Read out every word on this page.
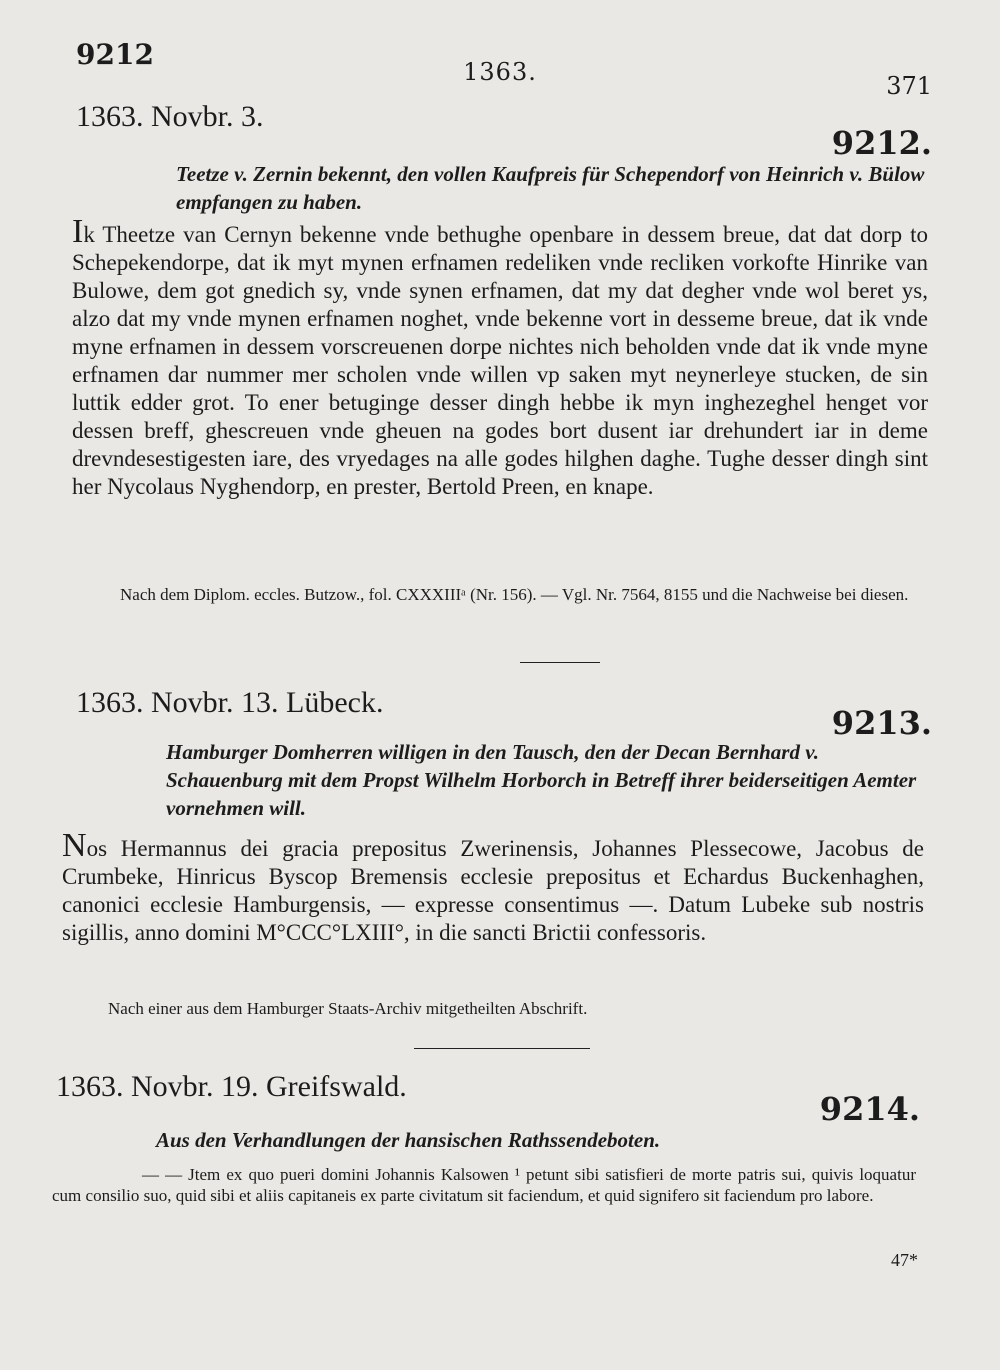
9212
1363.	371
1363. Novbr. 3.
9212.
Teetze v. Zernin bekennt, den vollen Kaufpreis für Schependorf von Heinrich v. Bülow empfangen zu haben.
Ik Theetze van Cernyn bekenne vnde bethughe openbare in dessem breue, dat dat dorp to Schepekendorpe, dat ik myt mynen erfnamen redeliken vnde recliken vorkofte Hinrike van Bulowe, dem got gnedich sy, vnde synen erfnamen, dat my dat degher vnde wol beret ys, alzo dat my vnde mynen erfnamen noghet, vnde bekenne vort in desseme breue, dat ik vnde myne erfnamen in dessem vorscreuenen dorpe nichtes nich beholden vnde dat ik vnde myne erfnamen dar nummer mer scholen vnde willen vp saken myt neynerleye stucken, de sin luttik edder grot. To ener betuginge desser dingh hebbe ik myn inghezeghel henget vor dessen breff, ghescreuen vnde gheuen na godes bort dusent iar drehundert iar in deme drevndesestigesten iare, des vryedages na alle godes hilghen daghe. Tughe desser dingh sint her Nycolaus Nyghendorp, en prester, Bertold Preen, en knape.
Nach dem Diplom. eccles. Butzow., fol. CXXXIIIᵃ (Nr. 156). — Vgl. Nr. 7564, 8155 und die Nachweise bei diesen.
1363. Novbr. 13. Lübeck.
9213.
Hamburger Domherren willigen in den Tausch, den der Decan Bernhard v. Schauenburg mit dem Propst Wilhelm Horborch in Betreff ihrer beiderseitigen Aemter vornehmen will.
Nos Hermannus dei gracia prepositus Zwerinensis, Johannes Plessecowe, Jacobus de Crumbeke, Hinricus Byscop Bremensis ecclesie prepositus et Echardus Buckenhaghen, canonici ecclesie Hamburgensis, — expresse consentimus —. Datum Lubeke sub nostris sigillis, anno domini M°CCC°LXIII°, in die sancti Brictii confessoris.
Nach einer aus dem Hamburger Staats-Archiv mitgetheilten Abschrift.
1363. Novbr. 19. Greifswald.
9214.
Aus den Verhandlungen der hansischen Rathssendeboten.
— — Jtem ex quo pueri domini Johannis Kalsowen ¹ petunt sibi satisfieri de morte patris sui, quivis loquatur cum consilio suo, quid sibi et aliis capitaneis ex parte civitatum sit faciendum, et quid signifero sit faciendum pro labore.
47*
